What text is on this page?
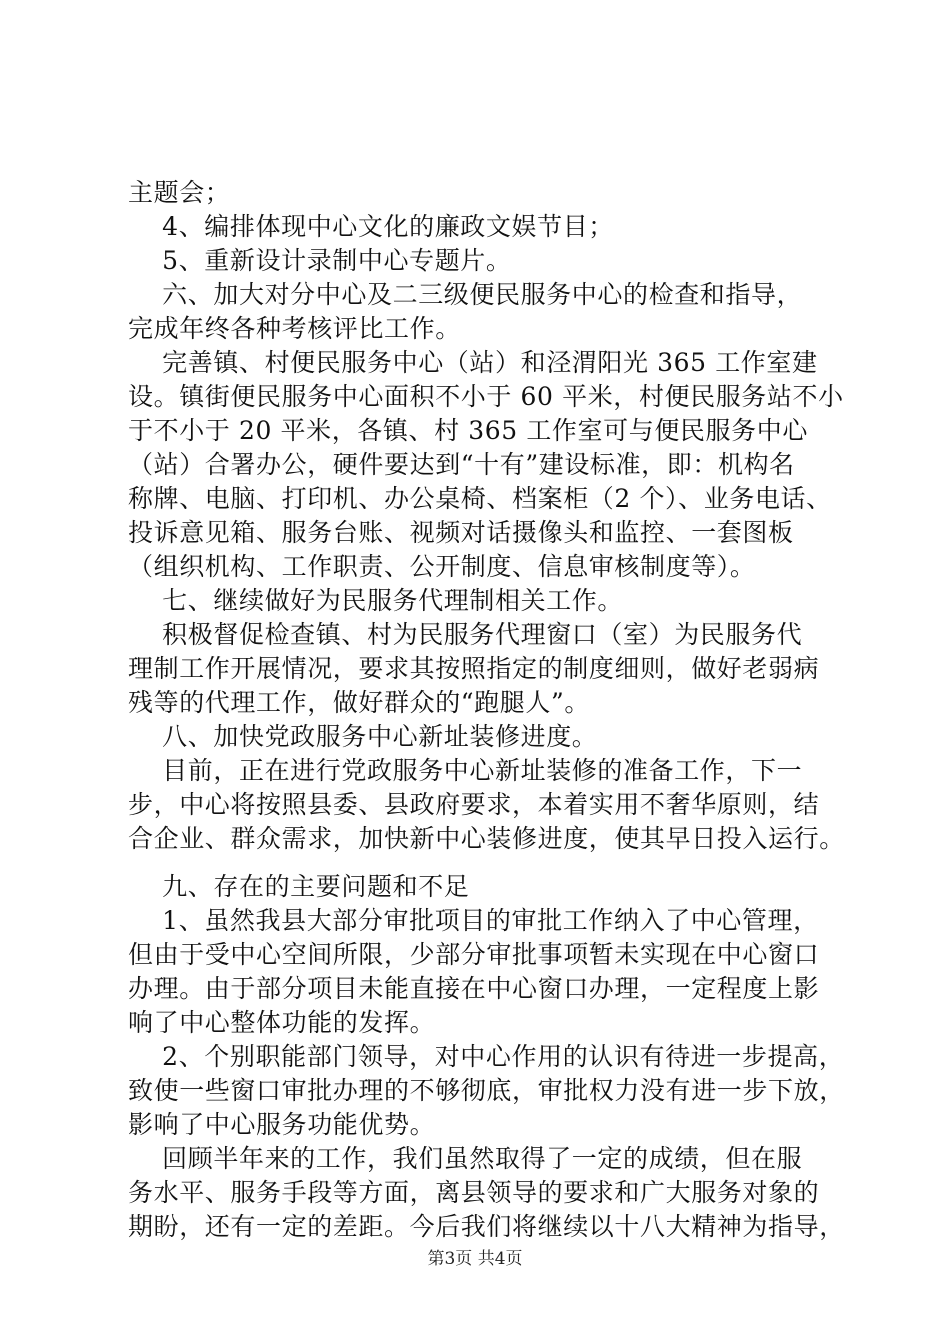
主题会；
4、编排体现中心文化的廉政文娱节目；
5、重新设计录制中心专题片。
六、加大对分中心及二三级便民服务中心的检查和指导，
完成年终各种考核评比工作。
完善镇、村便民服务中心（站）和泾渭阳光 365 工作室建
设。镇街便民服务中心面积不小于 60 平米，村便民服务站不小
于不小于 20 平米，各镇、村 365 工作室可与便民服务中心
（站）合署办公，硬件要达到“十有”建设标准，即：机构名
称牌、电脑、打印机、办公桌椅、档案柜（2 个）、业务电话、
投诉意见箱、服务台账、视频对话摄像头和监控、一套图板
（组织机构、工作职责、公开制度、信息审核制度等）。
七、继续做好为民服务代理制相关工作。
积极督促检查镇、村为民服务代理窗口（室）为民服务代
理制工作开展情况，要求其按照指定的制度细则，做好老弱病
残等的代理工作，做好群众的“跑腿人”。
八、加快党政服务中心新址装修进度。
目前，正在进行党政服务中心新址装修的准备工作，下一
步，中心将按照县委、县政府要求，本着实用不奢华原则，结
合企业、群众需求，加快新中心装修进度，使其早日投入运行。
九、存在的主要问题和不足
1、虽然我县大部分审批项目的审批工作纳入了中心管理，
但由于受中心空间所限，少部分审批事项暂未实现在中心窗口
办理。由于部分项目未能直接在中心窗口办理，一定程度上影
响了中心整体功能的发挥。
2、个别职能部门领导，对中心作用的认识有待进一步提高，
致使一些窗口审批办理的不够彻底，审批权力没有进一步下放，
影响了中心服务功能优势。
回顾半年来的工作，我们虽然取得了一定的成绩，但在服
务水平、服务手段等方面，离县领导的要求和广大服务对象的
期盼，还有一定的差距。今后我们将继续以十八大精神为指导，
第3页 共4页
